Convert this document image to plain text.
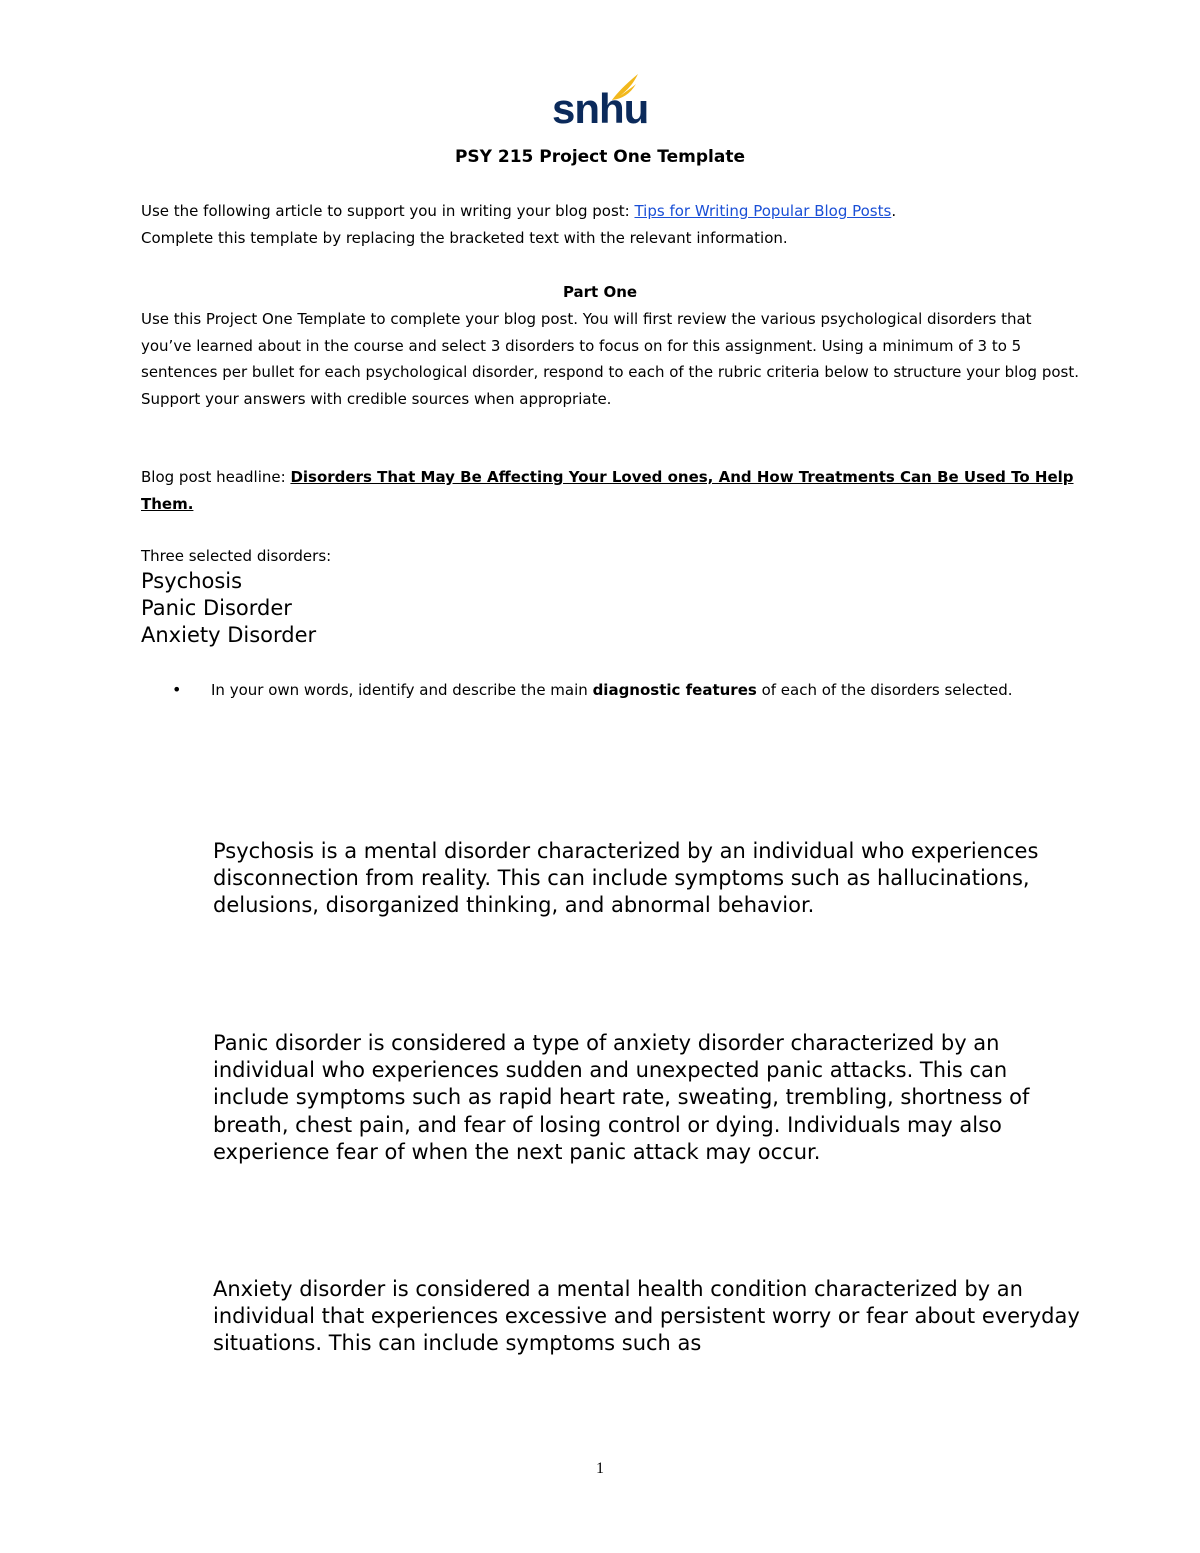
snhu
PSY 215 Project One Template

Use the following article to support you in writing your blog post: Tips for Writing Popular Blog Posts.
Complete this template by replacing the bracketed text with the relevant information.

Part One

Use this Project One Template to complete your blog post. You will first review the various psychological disorders that you’ve learned about in the course and select 3 disorders to focus on for this assignment. Using a minimum of 3 to 5 sentences per bullet for each psychological disorder, respond to each of the rubric criteria below to structure your blog post. Support your answers with credible sources when appropriate.

Blog post headline: Disorders That May Be Affecting Your Loved ones, And How Treatments Can Be Used To Help Them.

Three selected disorders:

Psychosis
Panic Disorder
Anxiety Disorder
• In your own words, identify and describe the main diagnostic features of each of the disorders selected.
Psychosis is a mental disorder characterized by an individual who experiences disconnection from reality. This can include symptoms such as hallucinations, delusions, disorganized thinking, and abnormal behavior.
Panic disorder is considered a type of anxiety disorder characterized by an individual who experiences sudden and unexpected panic attacks. This can include symptoms such as rapid heart rate, sweating, trembling, shortness of breath, chest pain, and fear of losing control or dying. Individuals may also experience fear of when the next panic attack may occur.
Anxiety disorder is considered a mental health condition characterized by an individual that experiences excessive and persistent worry or fear about everyday situations. This can include symptoms such as
1
